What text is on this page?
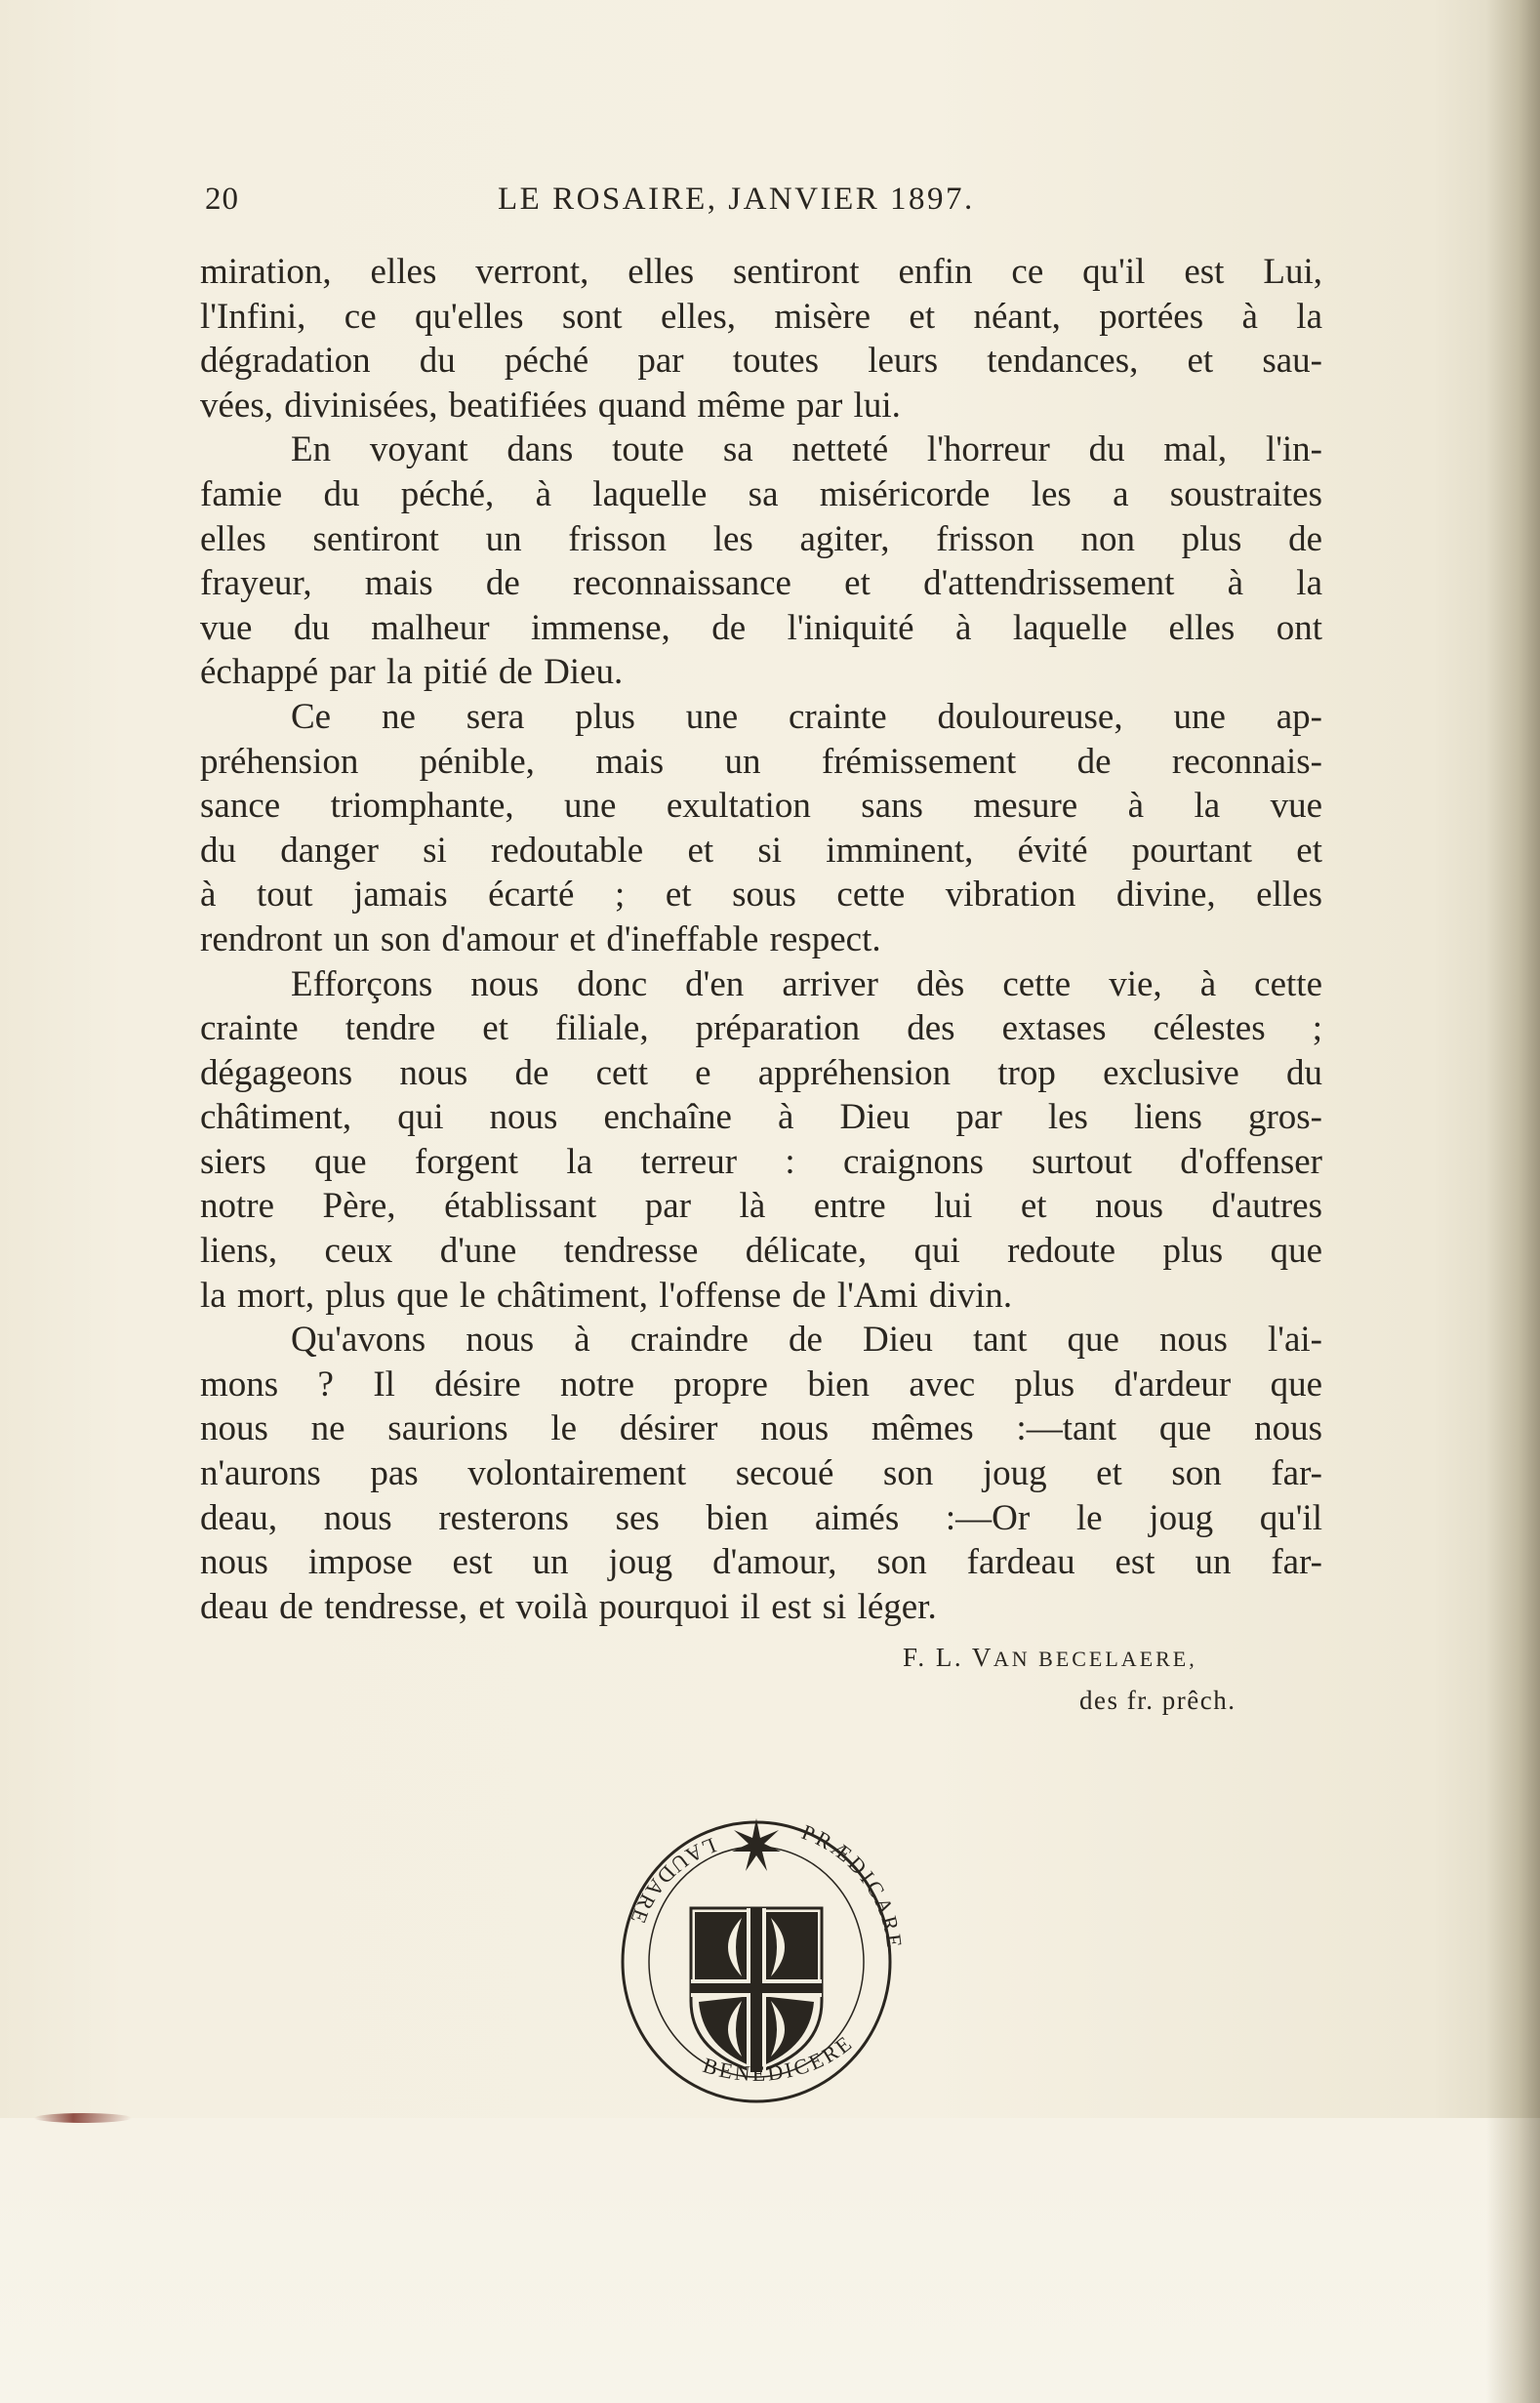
20	LE ROSAIRE, JANVIER 1897.
miration, elles verront, elles sentiront enfin ce qu'il est Lui,
l'Infini, ce qu'elles sont elles, misère et néant, portées à la
dégradation du péché par toutes leurs tendances, et sau-
vées, divinisées, beatifiées quand même par lui.
En voyant dans toute sa netteté l'horreur du mal, l'in-
famie du péché, à laquelle sa miséricorde les a soustraites
elles sentiront un frisson les agiter, frisson non plus de
frayeur, mais de reconnaissance et d'attendrissement à la
vue du malheur immense, de l'iniquité à laquelle elles ont
échappé par la pitié de Dieu.
Ce ne sera plus une crainte douloureuse, une ap-
préhension pénible, mais un frémissement de reconnais-
sance triomphante, une exultation sans mesure à la vue
du danger si redoutable et si imminent, évité pourtant et
à tout jamais écarté ; et sous cette vibration divine, elles
rendront un son d'amour et d'ineffable respect.
Efforçons nous donc d'en arriver dès cette vie, à cette
crainte tendre et filiale, préparation des extases célestes ;
dégageons nous de cett e appréhension trop exclusive du
châtiment, qui nous enchaîne à Dieu par les liens gros-
siers que forgent la terreur : craignons surtout d'offenser
notre Père, établissant par là entre lui et nous d'autres
liens, ceux d'une tendresse délicate, qui redoute plus que
la mort, plus que le châtiment, l'offense de l'Ami divin.
Qu'avons nous à craindre de Dieu tant que nous l'ai-
mons ? Il désire notre propre bien avec plus d'ardeur que
nous ne saurions le désirer nous mêmes :—tant que nous
n'aurons pas volontairement secoué son joug et son far-
deau, nous resterons ses bien aimés :—Or le joug qu'il
nous impose est un joug d'amour, son fardeau est un far-
deau de tendresse, et voilà pourquoi il est si léger.
F. L. VAN BECELAERE,
des fr. prêch.
LAUDARE
PRÆDICARE
BENEDICERE
